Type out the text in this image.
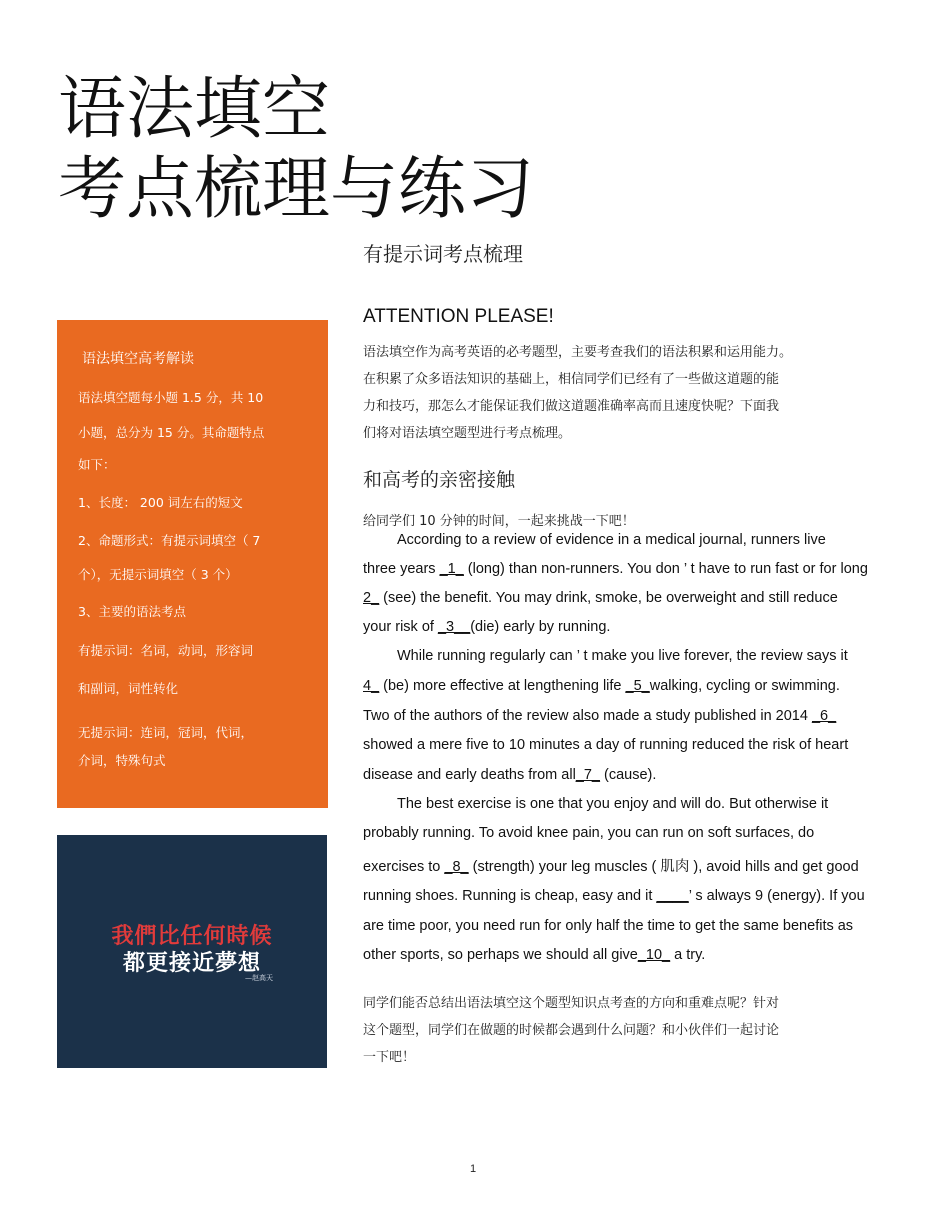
语法填空
考点梳理与练习
有提示词考点梳理
语法填空高考解读
语法填空题每小题 1.5 分，共 10
小题，总分为 15 分。其命题特点
如下：
1、长度： 200 词左右的短文
2、命题形式：有提示词填空（ 7
个），无提示词填空（ 3 个）
3、主要的语法考点
有提示词：名词，动词，形容词
和副词，词性转化
无提示词：连词，冠词，代词，
介词，特殊句式
我們比任何時候
都更接近夢想
—赵高天
ATTENTION PLEASE!
语法填空作为高考英语的必考题型，主要考查我们的语法积累和运用能力。
在积累了众多语法知识的基础上，相信同学们已经有了一些做这道题的能
力和技巧，那怎么才能保证我们做这道题准确率高而且速度快呢？下面我
们将对语法填空题型进行考点梳理。
和高考的亲密接触
给同学们 10 分钟的时间，一起来挑战一下吧！
According to a review of evidence in a medical journal, runners live
three years _1_ (long) than non-runners. You don ’ t have to run fast or for long
2_ (see) the benefit. You may drink, smoke, be overweight and still reduce
your risk of _3__(die) early by running.
While running regularly can ’ t make you live forever, the review says it
4_ (be) more effective at lengthening life _5_walking, cycling or swimming.
Two of the authors of the review also made a study published in 2014 _6_
showed a mere five to 10 minutes a day of running reduced the risk of heart
disease and early deaths from all_7_ (cause).
The best exercise is one that you enjoy and will do. But otherwise it
probably running. To avoid knee pain, you can run on soft surfaces, do
exercises to _8_ (strength) your leg muscles ( 肌肉 ), avoid hills and get good
running shoes. Running is cheap, easy and it ____’ s always 9 (energy). If you
are time poor, you need run for only half the time to get the same benefits as
other sports, so perhaps we should all give_10_ a try.
同学们能否总结出语法填空这个题型知识点考查的方向和重难点呢？针对
这个题型，同学们在做题的时候都会遇到什么问题？和小伙伴们一起讨论
一下吧！
1
